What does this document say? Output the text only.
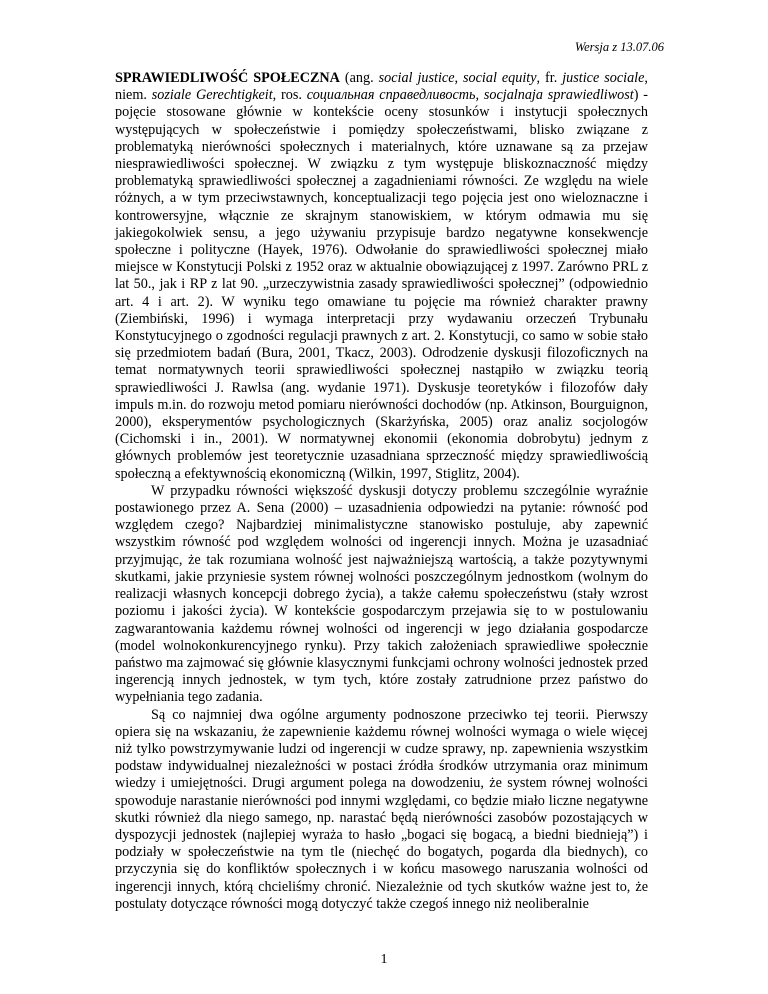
Wersja z 13.07.06

SPRAWIEDLIWOŚĆ SPOŁECZNA (ang. social justice, social equity, fr. justice sociale, niem. soziale Gerechtigkeit, ros. социальная справедливость, socjalnaja sprawiedliwost) - pojęcie stosowane głównie w kontekście oceny stosunków i instytucji społecznych występujących w społeczeństwie i pomiędzy społeczeństwami, blisko związane z problematyką nierówności społecznych i materialnych, które uznawane są za przejaw niesprawiedliwości społecznej. W związku z tym występuje bliskoznaczność między problematyką sprawiedliwości społecznej a zagadnieniami równości. Ze względu na wiele różnych, a w tym przeciwstawnych, konceptualizacji tego pojęcia jest ono wieloznaczne i kontrowersyjne, włącznie ze skrajnym stanowiskiem, w którym odmawia mu się jakiegokolwiek sensu, a jego używaniu przypisuje bardzo negatywne konsekwencje społeczne i polityczne (Hayek, 1976). Odwołanie do sprawiedliwości społecznej miało miejsce w Konstytucji Polski z 1952 oraz w aktualnie obowiązującej z 1997. Zarówno PRL z lat 50., jak i RP z lat 90. „urzeczywistnia zasady sprawiedliwości społecznej” (odpowiednio art. 4 i art. 2). W wyniku tego omawiane tu pojęcie ma również charakter prawny (Ziembiński, 1996) i wymaga interpretacji przy wydawaniu orzeczeń Trybunału Konstytucyjnego o zgodności regulacji prawnych z art. 2. Konstytucji, co samo w sobie stało się przedmiotem badań (Bura, 2001, Tkacz, 2003). Odrodzenie dyskusji filozoficznych na temat normatywnych teorii sprawiedliwości społecznej nastąpiło w związku teorią sprawiedliwości J. Rawlsa (ang. wydanie 1971). Dyskusje teoretyków i filozofów dały impuls m.in. do rozwoju metod pomiaru nierówności dochodów (np. Atkinson, Bourguignon, 2000), eksperymentów psychologicznych (Skarżyńska, 2005) oraz analiz socjologów (Cichomski i in., 2001). W normatywnej ekonomii (ekonomia dobrobytu) jednym z głównych problemów jest teoretycznie uzasadniana sprzeczność między sprawiedliwością społeczną a efektywnością ekonomiczną (Wilkin, 1997, Stiglitz, 2004).

W przypadku równości większość dyskusji dotyczy problemu szczególnie wyraźnie postawionego przez A. Sena (2000) – uzasadnienia odpowiedzi na pytanie: równość pod względem czego? Najbardziej minimalistyczne stanowisko postuluje, aby zapewnić wszystkim równość pod względem wolności od ingerencji innych. Można je uzasadniać przyjmując, że tak rozumiana wolność jest najważniejszą wartością, a także pozytywnymi skutkami, jakie przyniesie system równej wolności poszczególnym jednostkom (wolnym do realizacji własnych koncepcji dobrego życia), a także całemu społeczeństwu (stały wzrost poziomu i jakości życia). W kontekście gospodarczym przejawia się to w postulowaniu zagwarantowania każdemu równej wolności od ingerencji w jego działania gospodarcze (model wolnokonkurencyjnego rynku). Przy takich założeniach sprawiedliwe społecznie państwo ma zajmować się głównie klasycznymi funkcjami ochrony wolności jednostek przed ingerencją innych jednostek, w tym tych, które zostały zatrudnione przez państwo do wypełniania tego zadania.

Są co najmniej dwa ogólne argumenty podnoszone przeciwko tej teorii. Pierwszy opiera się na wskazaniu, że zapewnienie każdemu równej wolności wymaga o wiele więcej niż tylko powstrzymywanie ludzi od ingerencji w cudze sprawy, np. zapewnienia wszystkim podstaw indywidualnej niezależności w postaci źródła środków utrzymania oraz minimum wiedzy i umiejętności. Drugi argument polega na dowodzeniu, że system równej wolności spowoduje narastanie nierówności pod innymi względami, co będzie miało liczne negatywne skutki również dla niego samego, np. narastać będą nierówności zasobów pozostających w dyspozycji jednostek (najlepiej wyraża to hasło „bogaci się bogacą, a biedni biednieją”) i podziały w społeczeństwie na tym tle (niechęć do bogatych, pogarda dla biednych), co przyczynia się do konfliktów społecznych i w końcu masowego naruszania wolności od ingerencji innych, którą chcieliśmy chronić. Niezależnie od tych skutków ważne jest to, że postulaty dotyczące równości mogą dotyczyć także czegoś innego niż neoliberalnie

1
